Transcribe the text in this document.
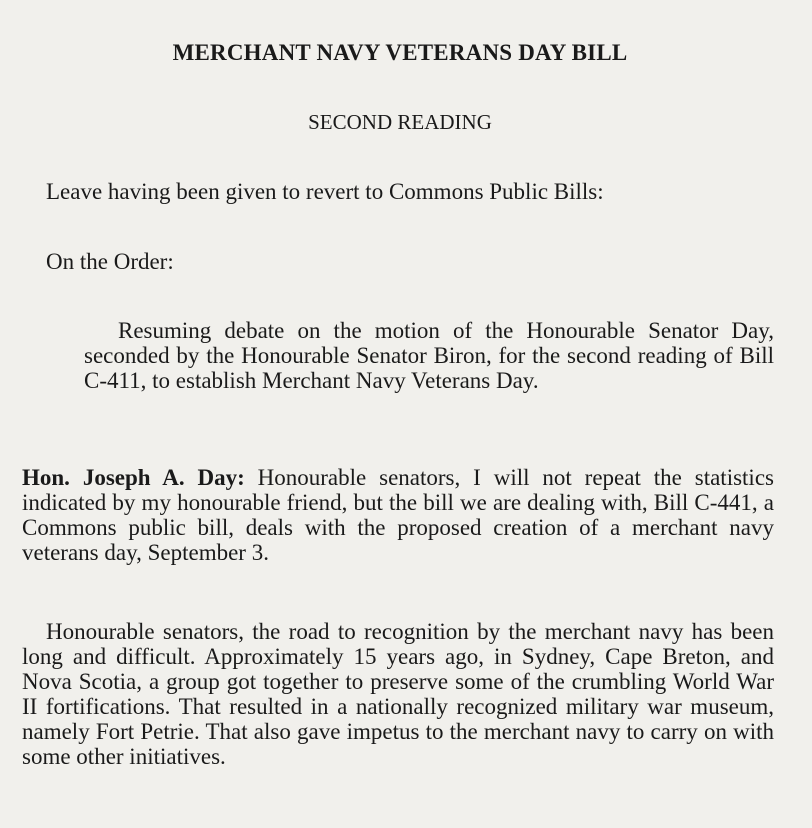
MERCHANT NAVY VETERANS DAY BILL
SECOND READING
Leave having been given to revert to Commons Public Bills:
On the Order:
Resuming debate on the motion of the Honourable Senator Day, seconded by the Honourable Senator Biron, for the second reading of Bill C-411, to establish Merchant Navy Veterans Day.
Hon. Joseph A. Day: Honourable senators, I will not repeat the statistics indicated by my honourable friend, but the bill we are dealing with, Bill C-441, a Commons public bill, deals with the proposed creation of a merchant navy veterans day, September 3.
Honourable senators, the road to recognition by the merchant navy has been long and difficult. Approximately 15 years ago, in Sydney, Cape Breton, and Nova Scotia, a group got together to preserve some of the crumbling World War II fortifications. That resulted in a nationally recognized military war museum, namely Fort Petrie. That also gave impetus to the merchant navy to carry on with some other initiatives.
